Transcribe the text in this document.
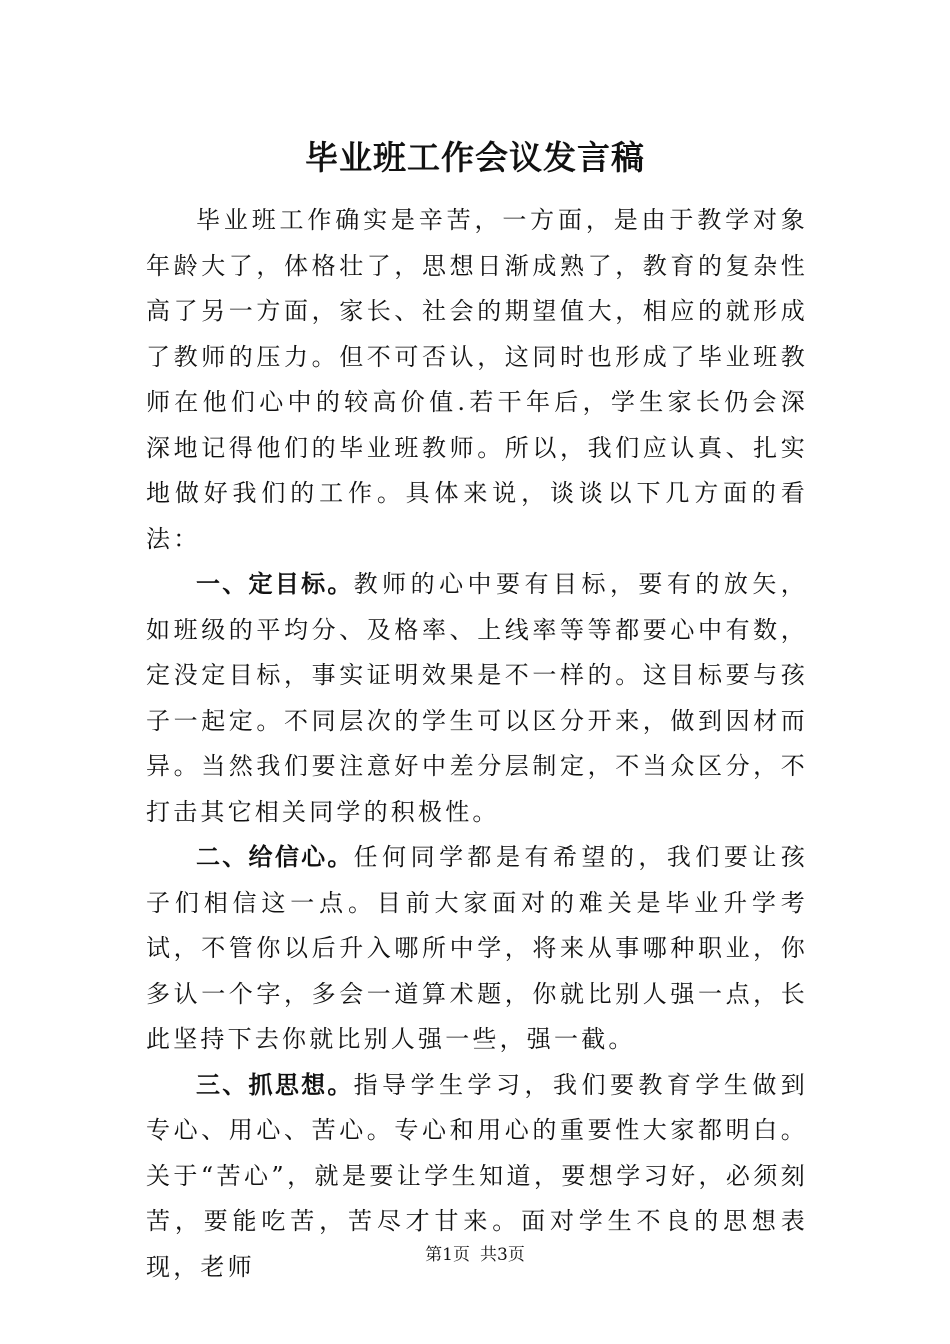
毕业班工作会议发言稿

毕业班工作确实是辛苦，一方面，是由于教学对象年龄大了，体格壮了，思想日渐成熟了，教育的复杂性高了另一方面，家长、社会的期望值大，相应的就形成了教师的压力。但不可否认，这同时也形成了毕业班教师在他们心中的较高价值.若干年后，学生家长仍会深深地记得他们的毕业班教师。所以，我们应认真、扎实地做好我们的工作。具体来说，谈谈以下几方面的看法：

一、定目标。教师的心中要有目标，要有的放矢，如班级的平均分、及格率、上线率等等都要心中有数，定没定目标，事实证明效果是不一样的。这目标要与孩子一起定。不同层次的学生可以区分开来，做到因材而异。当然我们要注意好中差分层制定，不当众区分，不打击其它相关同学的积极性。

二、给信心。任何同学都是有希望的，我们要让孩子们相信这一点。目前大家面对的难关是毕业升学考试，不管你以后升入哪所中学，将来从事哪种职业，你多认一个字，多会一道算术题，你就比别人强一点，长此坚持下去你就比别人强一些，强一截。

三、抓思想。指导学生学习，我们要教育学生做到专心、用心、苦心。专心和用心的重要性大家都明白。关于“苦心”，就是要让学生知道，要想学习好，必须刻苦，要能吃苦，苦尽才甘来。面对学生不良的思想表现，老师	第1页 共3页
